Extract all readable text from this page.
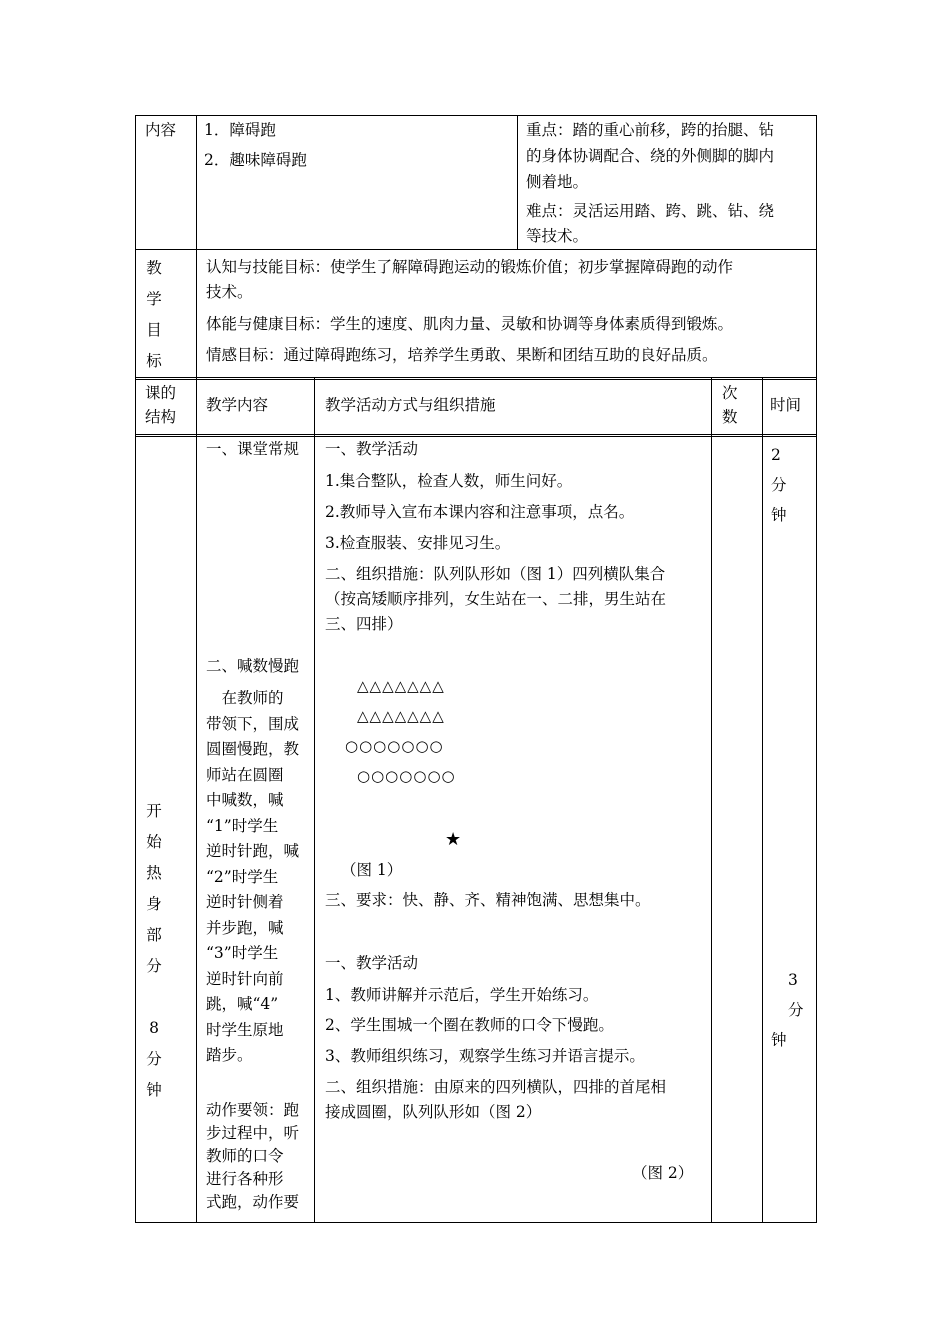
内容 1．障碍跑
2．趣味障碍跑
重点：踏的重心前移，跨的抬腿、钻
的身体协调配合、绕的外侧脚的脚内
侧着地。
难点：灵活运用踏、跨、跳、钻、绕
等技术。
教
学
目
标
认知与技能目标：使学生了解障碍跑运动的锻炼价值；初步掌握障碍跑的动作
技术。
体能与健康目标：学生的速度、肌肉力量、灵敏和协调等身体素质得到锻炼。
情感目标：通过障碍跑练习，培养学生勇敢、果断和团结互助的良好品质。
课的
结构
教学内容	教学活动方式与组织措施
次
数
时间
开
始
热
身
部
分
8
分
钟
一、课堂常规
二、喊数慢跑
　在教师的
带领下，围成
圆圈慢跑，教
师站在圆圈
中喊数，喊
“1”时学生
逆时针跑，喊
“2”时学生
逆时针侧着
并步跑，喊
“3”时学生
逆时针向前
跳，喊“4”
时学生原地
踏步。
动作要领：跑
步过程中，听
教师的口令
进行各种形
式跑，动作要
一、教学活动
1.集合整队，检查人数，师生问好。
2.教师导入宣布本课内容和注意事项，点名。
3.检查服装、安排见习生。
二、组织措施：队列队形如（图 1）四列横队集合
（按高矮顺序排列，女生站在一、二排，男生站在
三、四排）
△△△△△△△
△△△△△△△
○○○○○○○
○○○○○○○
★
（图 1）
三、要求：快、静、齐、精神饱满、思想集中。
一、教学活动
1、教师讲解并示范后，学生开始练习。
2、学生围城一个圈在教师的口令下慢跑。
3、教师组织练习，观察学生练习并语言提示。
二、组织措施：由原来的四列横队，四排的首尾相
接成圆圈，队列队形如（图 2）
（图 2）
2
分
钟
3
分
钟
